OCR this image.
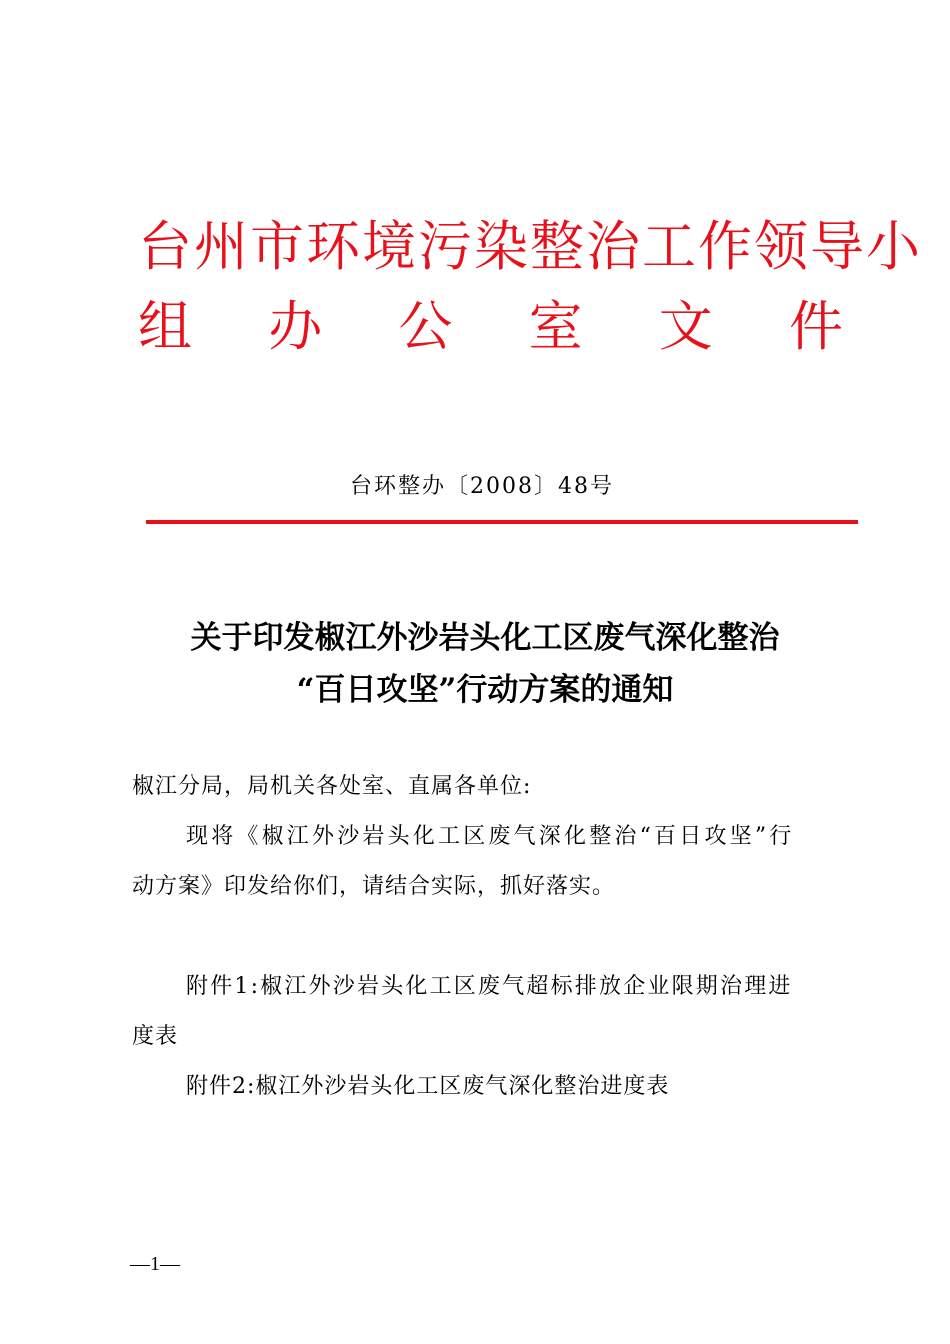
台州市环境污染整治工作领导小
组 办 公 室 文 件
台环整办〔2008〕48号
关于印发椒江外沙岩头化工区废气深化整治
“百日攻坚”行动方案的通知
椒江分局，局机关各处室、直属各单位:
现将《椒江外沙岩头化工区废气深化整治“百日攻坚”行
动方案》印发给你们，请结合实际，抓好落实。
附件1:椒江外沙岩头化工区废气超标排放企业限期治理进
度表
附件2:椒江外沙岩头化工区废气深化整治进度表
—1—
